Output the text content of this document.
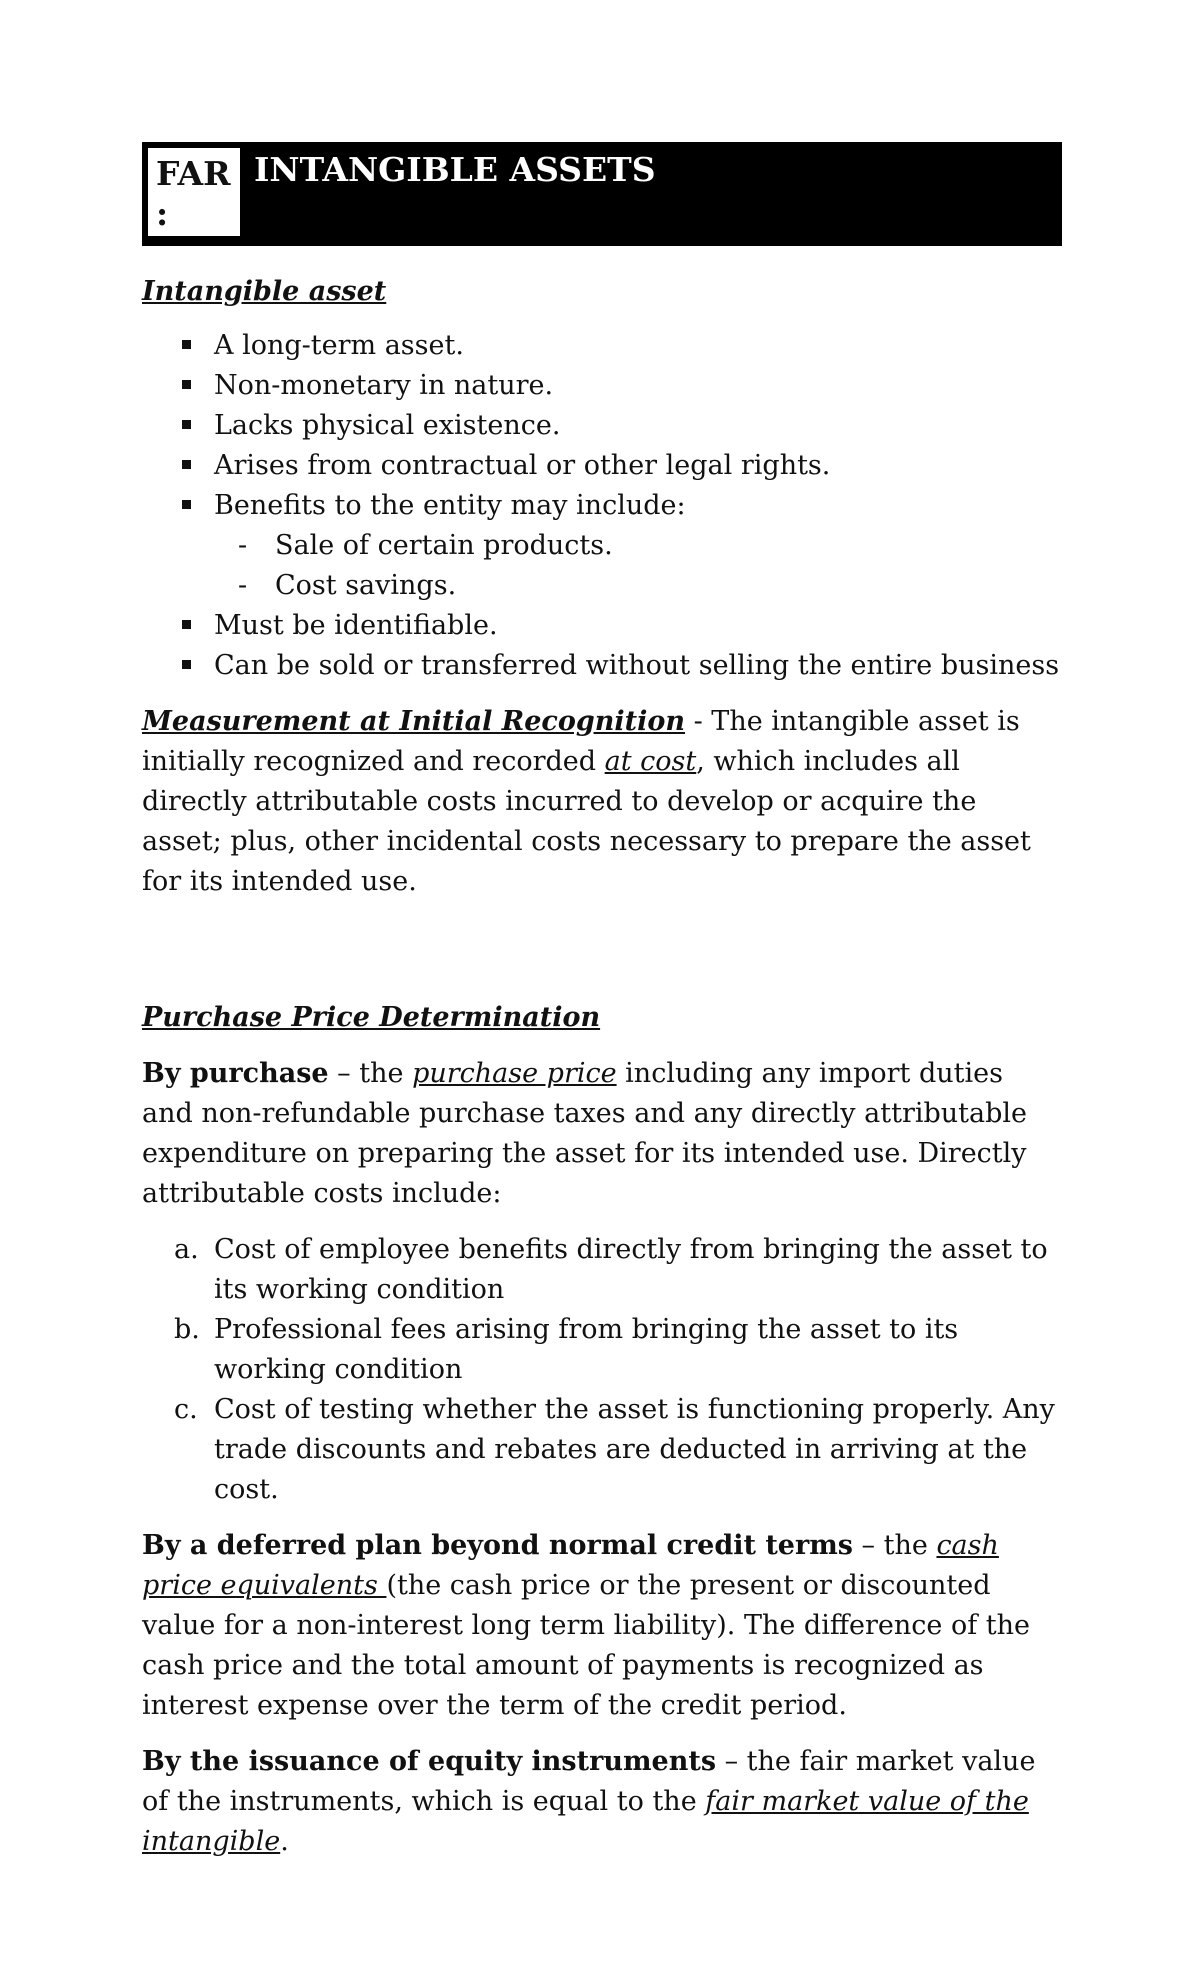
FAR
:
INTANGIBLE ASSETS

Intangible asset

A long-term asset.
Non-monetary in nature.
Lacks physical existence.
Arises from contractual or other legal rights.
Benefits to the entity may include:
- Sale of certain products.
- Cost savings.
Must be identifiable.
Can be sold or transferred without selling the entire business

Measurement at Initial Recognition - The intangible asset is initially recognized and recorded at cost, which includes all directly attributable costs incurred to develop or acquire the asset; plus, other incidental costs necessary to prepare the asset for its intended use.

Purchase Price Determination

By purchase – the purchase price including any import duties and non-refundable purchase taxes and any directly attributable expenditure on preparing the asset for its intended use. Directly attributable costs include:

a. Cost of employee benefits directly from bringing the asset to its working condition
b. Professional fees arising from bringing the asset to its working condition
c. Cost of testing whether the asset is functioning properly. Any trade discounts and rebates are deducted in arriving at the cost.

By a deferred plan beyond normal credit terms – the cash price equivalents (the cash price or the present or discounted value for a non-interest long term liability). The difference of the cash price and the total amount of payments is recognized as interest expense over the term of the credit period.

By the issuance of equity instruments – the fair market value of the instruments, which is equal to the fair market value of the intangible.
